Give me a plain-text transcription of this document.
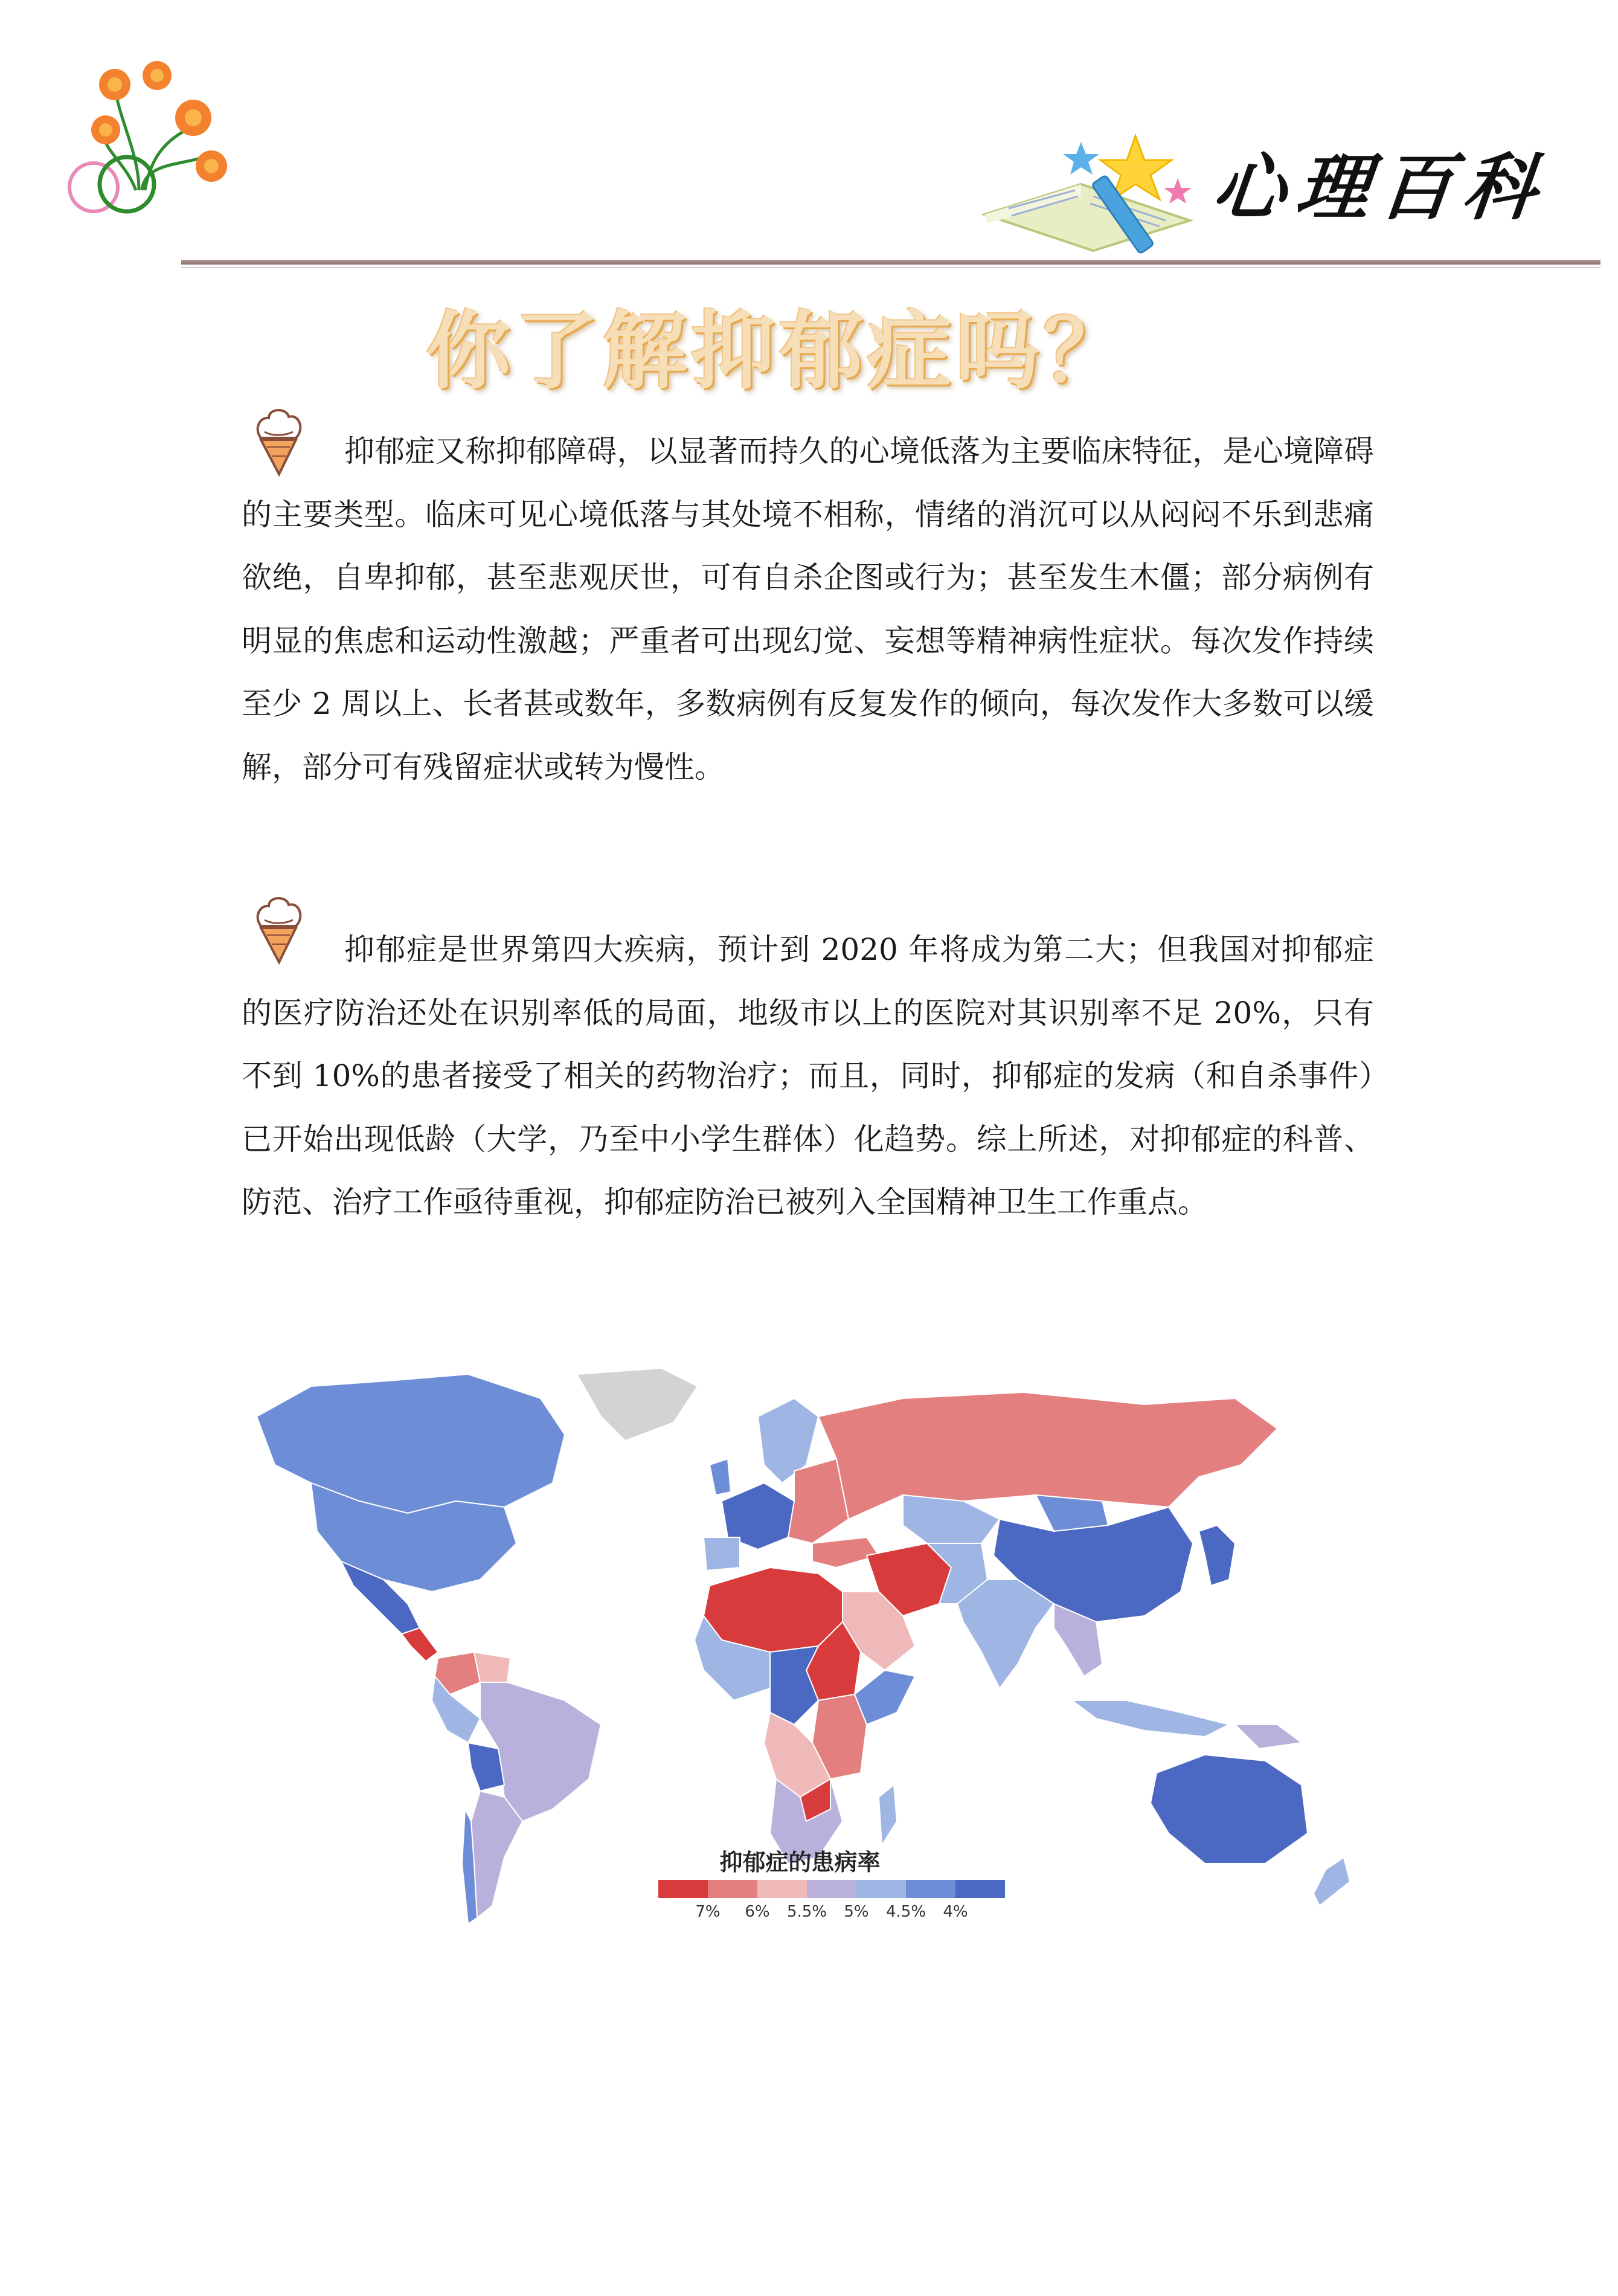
心理百科
你了解抑郁症吗？
抑郁症又称抑郁障碍，以显著而持久的心境低落为主要临床特征，是心境障碍的主要类型。临床可见心境低落与其处境不相称，情绪的消沉可以从闷闷不乐到悲痛欲绝，自卑抑郁，甚至悲观厌世，可有自杀企图或行为；甚至发生木僵；部分病例有明显的焦虑和运动性激越；严重者可出现幻觉、妄想等精神病性症状。每次发作持续至少 2 周以上、长者甚或数年，多数病例有反复发作的倾向，每次发作大多数可以缓解，部分可有残留症状或转为慢性。
抑郁症是世界第四大疾病，预计到 2020 年将成为第二大；但我国对抑郁症的医疗防治还处在识别率低的局面，地级市以上的医院对其识别率不足 20%，只有不到 10%的患者接受了相关的药物治疗；而且，同时，抑郁症的发病（和自杀事件）已开始出现低龄（大学，乃至中小学生群体）化趋势。综上所述，对抑郁症的科普、防范、治疗工作亟待重视，抑郁症防治已被列入全国精神卫生工作重点。
抑郁症的患病率
7% 6% 5.5% 5% 4.5% 4%
